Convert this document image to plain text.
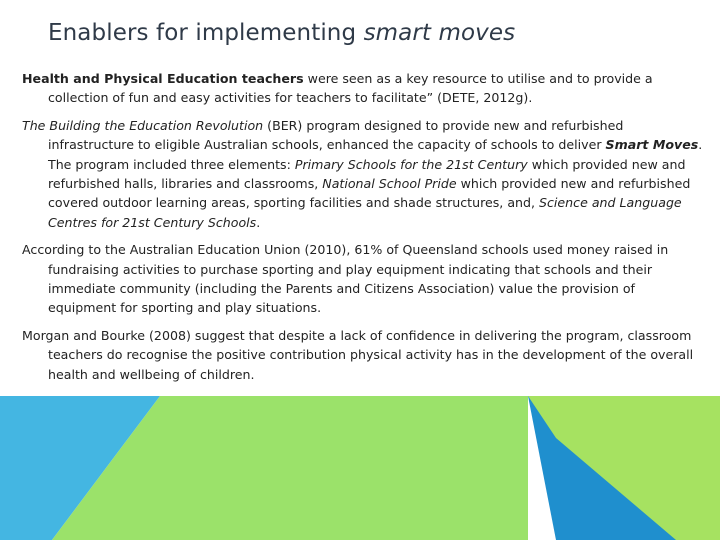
Enablers for implementing smart moves

Health and Physical Education teachers were seen as a key resource to utilise and to provide a collection of fun and easy activities for teachers to facilitate” (DETE, 2012g).

The Building the Education Revolution (BER) program designed to provide new and refurbished infrastructure to eligible Australian schools, enhanced the capacity of schools to deliver Smart Moves. The program included three elements: Primary Schools for the 21st Century which provided new and refurbished halls, libraries and classrooms, National School Pride which provided new and refurbished covered outdoor learning areas, sporting facilities and shade structures, and, Science and Language Centres for 21st Century Schools.

According to the Australian Education Union (2010), 61% of Queensland schools used money raised in fundraising activities to purchase sporting and play equipment indicating that schools and their immediate community (including the Parents and Citizens Association) value the provision of equipment for sporting and play situations.

Morgan and Bourke (2008) suggest that despite a lack of confidence in delivering the program, classroom teachers do recognise the positive contribution physical activity has in the development of the overall health and wellbeing of children.
